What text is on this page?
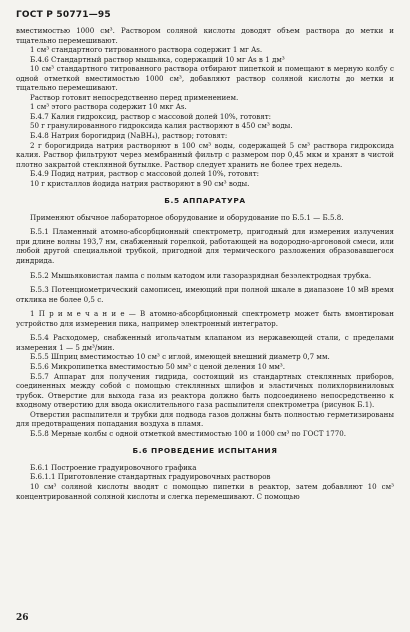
ГОСТ Р 50771—95

вместимостью 1000 см³. Раствором соляной кислоты доводят объем раствора до метки и тщательно перемешивают.

1 см³ стандартного титрованного раствора содержит 1 мг As.

Б.4.6 Стандартный раствор мышьяка, содержащий 10 мг As в 1 дм³

10 см³ стандартного титрованного раствора отбирают пипеткой и помещают в мерную колбу с одной отметкой вместимостью 1000 см³, добавляют раствор соляной кислоты до метки и тщательно перемешивают.

Раствор готовят непосредственно перед применением.

1 см³ этого раствора содержит 10 мкг As.

Б.4.7 Калия гидроксид, раствор с массовой долей 10%, готовят:

50 г гранулированного гидроксида калия растворяют в 450 см³ воды.

Б.4.8 Натрия борогидрид (NaBH₄), раствор; готовят:

2 г борогидрида натрия растворяют в 100 см³ воды, содержащей 5 см³ раствора гидроксида калия. Раствор фильтруют через мембранный фильтр с размером пор 0,45 мкм и хранят в чистой плотно закрытой стеклянной бутылке. Раствор следует хранить не более трех недель.

Б.4.9 Подид натрия, раствор с массовой долей 10%, готовят:

10 г кристаллов йодида натрия растворяют в 90 см³ воды.

Б.5 АППАРАТУРА

Применяют обычное лабораторное оборудование и оборудование по Б.5.1 — Б.5.8.

Б.5.1 Пламенный атомно-абсорбционный спектрометр, пригодный для измерения излучения при длине волны 193,7 нм, снабженный горелкой, работающей на водородно-аргоновой смеси, или любой другой специальной трубкой, пригодной для термического разложения образовавшегося диндрида.

Б.5.2 Мышьяковистая лампа с полым катодом или газоразрядная безэлектродная трубка.

Б.5.3 Потенциометрический самописец, имеющий при полной шкале в диапазоне 10 мВ время отклика не более 0,5 с.

1 П р и м е ч а н и е — В атомно-абсорбционный спектрометр может быть вмонтирован устройство для измерения пика, например электронный интегратор.

Б.5.4 Расходомер, снабженный игольчатым клапаном из нержавеющей стали, с пределами измерения 1 — 5 дм³/мин.

Б.5.5 Шприц вместимостью 10 см³ с иглой, имеющей внешний диаметр 0,7 мм.

Б.5.6 Микропипетка вместимостью 50 мм³ с ценой деления 10 мм³.

Б.5.7 Аппарат для получения гидрида, состоящий из стандартных стеклянных приборов, соединенных между собой с помощью стеклянных шлифов и эластичных полихлорвиниловых трубок. Отверстие для выхода газа из реактора должно быть подсоединено непосредственно к входному отверстию для ввода окислительного газа распылителя спектрометра (рисунок Б.1).

Отверстия распылителя и трубки для подвода газов должны быть полностью герметизированы для предотвращения попадания воздуха в пламя.

Б.5.8 Мерные колбы с одной отметкой вместимостью 100 и 1000 см³ по ГОСТ 1770.

Б.6 ПРОВЕДЕНИЕ ИСПЫТАНИЯ

Б.6.1 Построение градуировочного графика

Б.6.1.1 Приготовление стандартных градуировочных растворов

10 см³ соляной кислоты вводят с помощью пипетки в реактор, затем добавляют 10 см³ концентрированной соляной кислоты и слегка перемешивают. С помощью

26
